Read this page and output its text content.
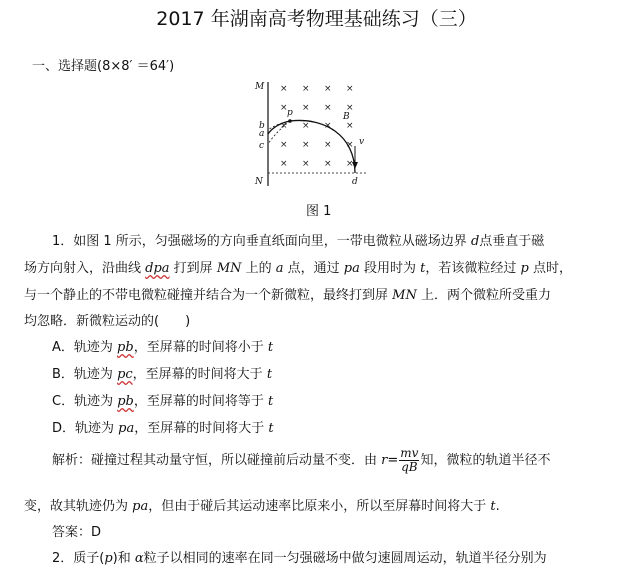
2017 年湖南高考物理基础练习（三）
一、选择题(8×8′ ＝64′)
× × × ×
× × × ×
× × × ×
× × × ×
× × × ×
M
N
p	B
b
a
c	v
d
图 1
1．如图 1 所示，匀强磁场的方向垂直纸面向里，一带电微粒从磁场边界 d点垂直于磁
场方向射入，沿曲线 dpa 打到屏 MN 上的 a 点，通过 pa 段用时为 t，若该微粒经过 p 点时，
与一个静止的不带电微粒碰撞并结合为一个新微粒，最终打到屏 MN 上．两个微粒所受重力
均忽略．新微粒运动的(　　)
A．轨迹为 pb，至屏幕的时间将小于 t
B．轨迹为 pc，至屏幕的时间将大于 t
C．轨迹为 pb，至屏幕的时间将等于 t
D．轨迹为 pa，至屏幕的时间将大于 t
解析：碰撞过程其动量守恒，所以碰撞前后动量不变．由 $r= \frac{mv}{qB}$ 知，微粒的轨道半径不
变，故其轨迹仍为 pa，但由于碰后其运动速率比原来小，所以至屏幕时间将大于 t.
答案：D
2．质子(p)和 α粒子以相同的速率在同一匀强磁场中做匀速圆周运动，轨道半径分别为
